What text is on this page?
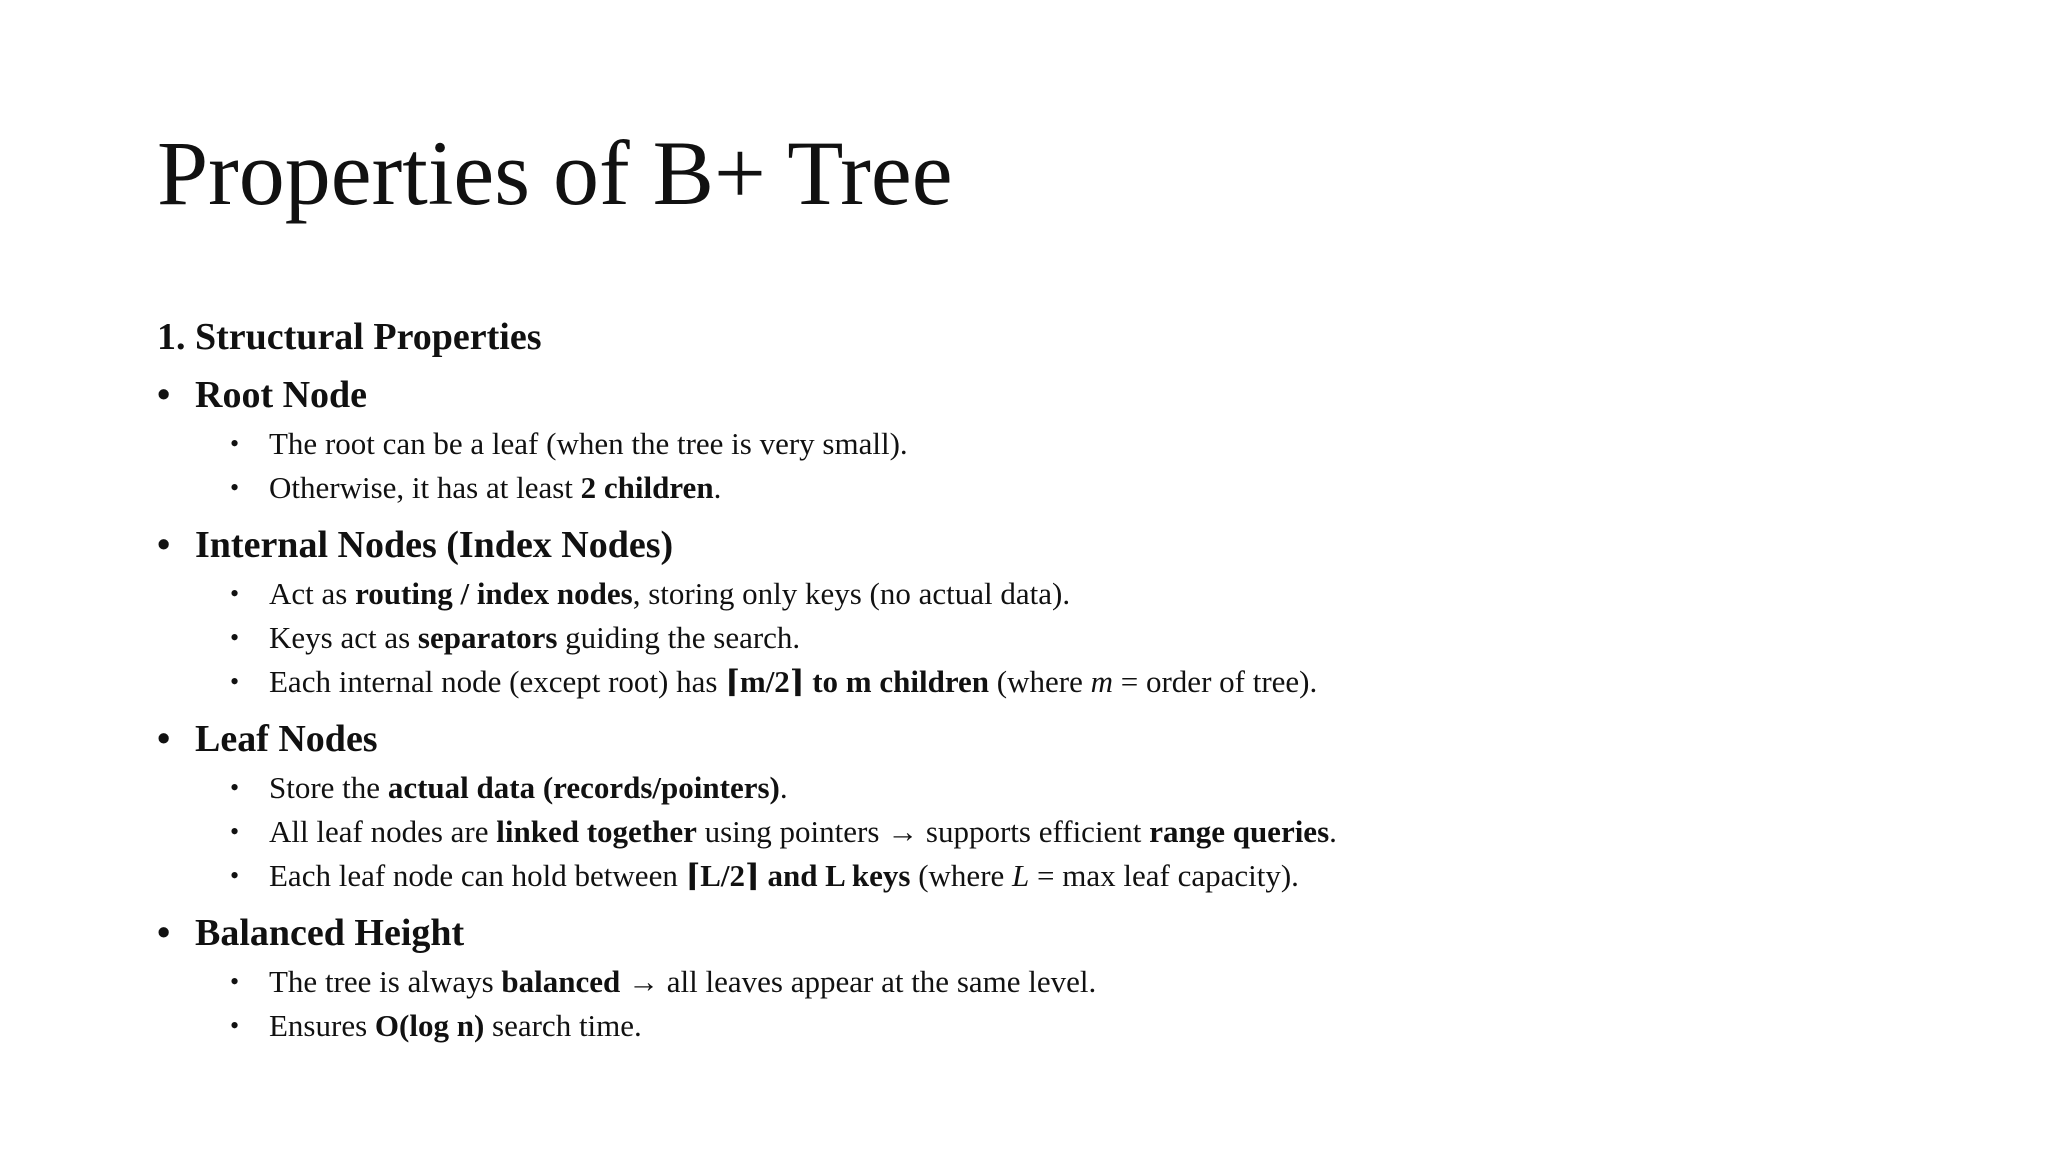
Properties of B+ Tree
1. Structural Properties
• Root Node
• The root can be a leaf (when the tree is very small).
• Otherwise, it has at least 2 children.
• Internal Nodes (Index Nodes)
• Act as routing / index nodes, storing only keys (no actual data).
• Keys act as separators guiding the search.
• Each internal node (except root) has ⌈m/2⌉ to m children (where m = order of tree).
• Leaf Nodes
• Store the actual data (records/pointers).
• All leaf nodes are linked together using pointers → supports efficient range queries.
• Each leaf node can hold between ⌈L/2⌉ and L keys (where L = max leaf capacity).
• Balanced Height
• The tree is always balanced → all leaves appear at the same level.
• Ensures O(log n) search time.
